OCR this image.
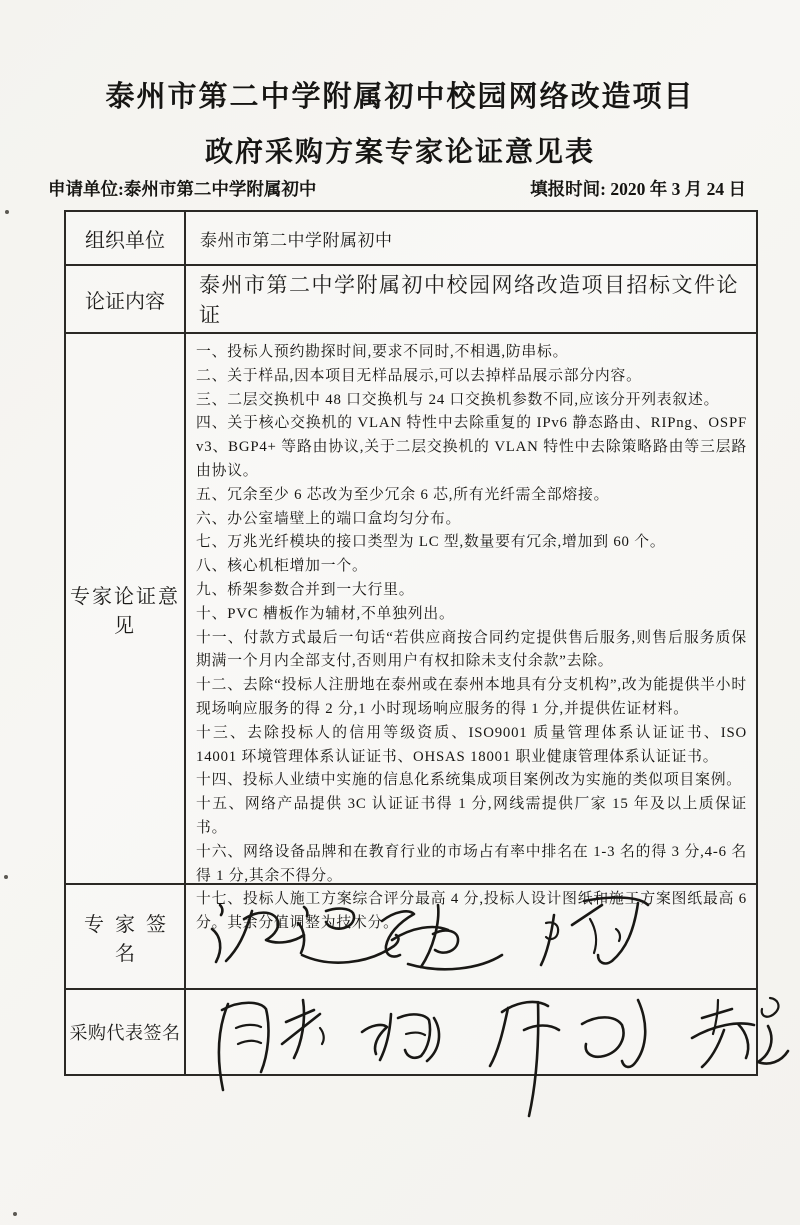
泰州市第二中学附属初中校园网络改造项目
政府采购方案专家论证意见表
申请单位:泰州市第二中学附属初中	填报时间: 2020 年 3 月 24 日
组织单位	泰州市第二中学附属初中
论证内容
泰州市第二中学附属初中校园网络改造项目招标文件论证
专家论证意见

一、投标人预约勘探时间,要求不同时,不相遇,防串标。

二、关于样品,因本项目无样品展示,可以去掉样品展示部分内容。

三、二层交换机中 48 口交换机与 24 口交换机参数不同,应该分开列表叙述。

四、关于核心交换机的 VLAN 特性中去除重复的 IPv6 静态路由、RIPng、OSPF v3、BGP4+ 等路由协议,关于二层交换机的 VLAN 特性中去除策略路由等三层路由协议。

五、冗余至少 6 芯改为至少冗余 6 芯,所有光纤需全部熔接。

六、办公室墙壁上的端口盒均匀分布。

七、万兆光纤模块的接口类型为 LC 型,数量要有冗余,增加到 60 个。

八、核心机柜增加一个。

九、桥架参数合并到一大行里。

十、PVC 槽板作为辅材,不单独列出。

十一、付款方式最后一句话“若供应商按合同约定提供售后服务,则售后服务质保期满一个月内全部支付,否则用户有权扣除未支付余款”去除。

十二、去除“投标人注册地在泰州或在泰州本地具有分支机构”,改为能提供半小时现场响应服务的得 2 分,1 小时现场响应服务的得 1 分,并提供佐证材料。

十三、去除投标人的信用等级资质、ISO9001 质量管理体系认证证书、ISO 14001 环境管理体系认证证书、OHSAS 18001 职业健康管理体系认证证书。

十四、投标人业绩中实施的信息化系统集成项目案例改为实施的类似项目案例。

十五、网络产品提供 3C 认证证书得 1 分,网线需提供厂家 15 年及以上质保证书。

十六、网络设备品牌和在教育行业的市场占有率中排名在 1-3 名的得 3 分,4-6 名得 1 分,其余不得分。

十七、投标人施工方案综合评分最高 4 分,投标人设计图纸和施工方案图纸最高 6 分。其余分值调整为技术分。

专家签名
采购代表签名
